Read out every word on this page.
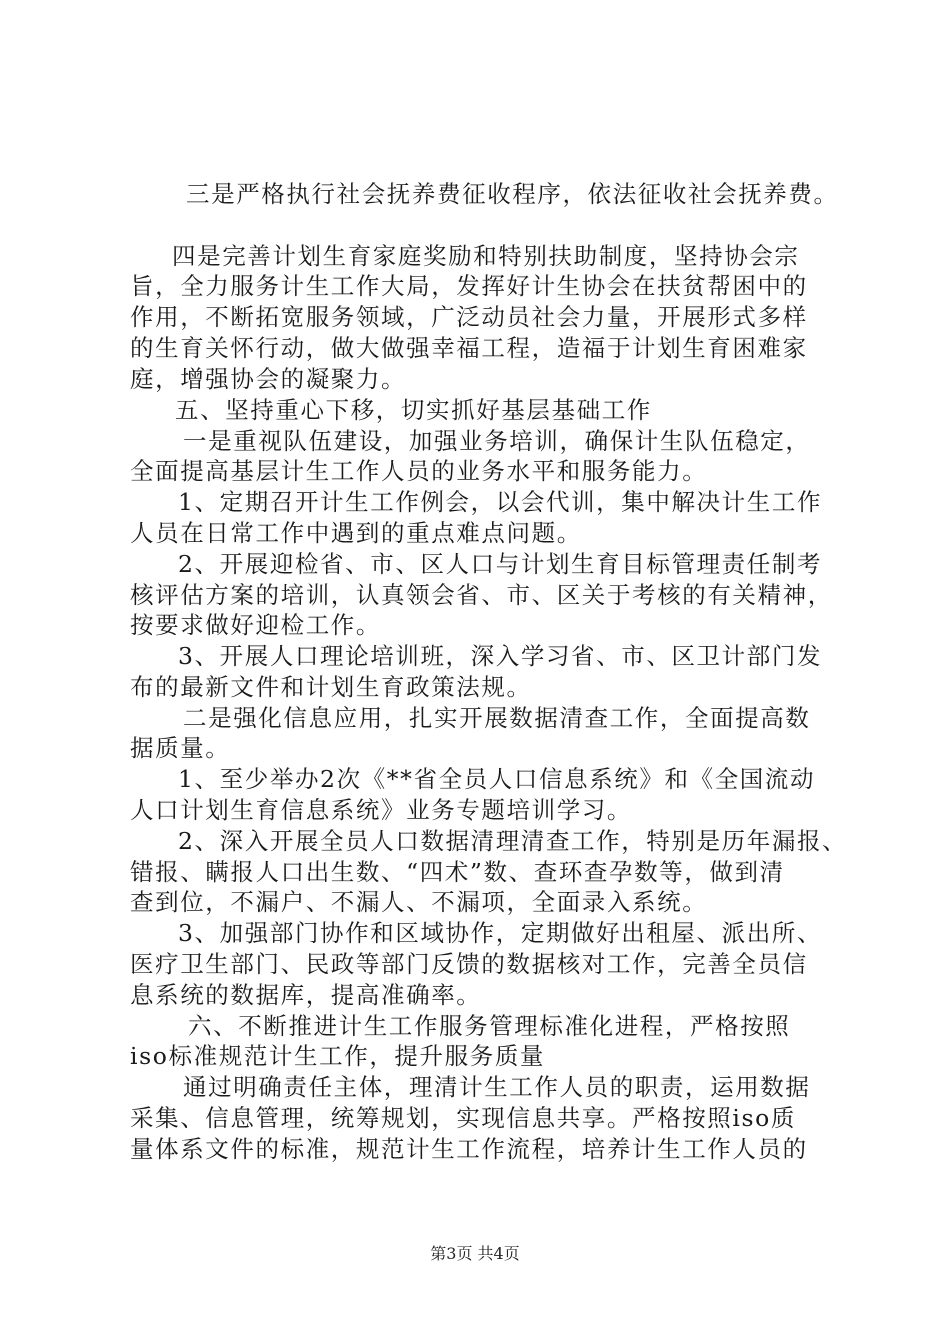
三是严格执行社会抚养费征收程序，依法征收社会抚养费。
四是完善计划生育家庭奖励和特别扶助制度，坚持协会宗
旨，全力服务计生工作大局，发挥好计生协会在扶贫帮困中的
作用，不断拓宽服务领域，广泛动员社会力量，开展形式多样
的生育关怀行动，做大做强幸福工程，造福于计划生育困难家
庭，增强协会的凝聚力。
五、坚持重心下移，切实抓好基层基础工作
一是重视队伍建设，加强业务培训，确保计生队伍稳定，
全面提高基层计生工作人员的业务水平和服务能力。
1、定期召开计生工作例会，以会代训，集中解决计生工作
人员在日常工作中遇到的重点难点问题。
2、开展迎检省、市、区人口与计划生育目标管理责任制考
核评估方案的培训，认真领会省、市、区关于考核的有关精神，
按要求做好迎检工作。
3、开展人口理论培训班，深入学习省、市、区卫计部门发
布的最新文件和计划生育政策法规。
二是强化信息应用，扎实开展数据清查工作，全面提高数
据质量。
1、至少举办2次《**省全员人口信息系统》和《全国流动
人口计划生育信息系统》业务专题培训学习。
2、深入开展全员人口数据清理清查工作，特别是历年漏报、
错报、瞒报人口出生数、“四术”数、查环查孕数等，做到清
查到位，不漏户、不漏人、不漏项，全面录入系统。
3、加强部门协作和区域协作，定期做好出租屋、派出所、
医疗卫生部门、民政等部门反馈的数据核对工作，完善全员信
息系统的数据库，提高准确率。
六、不断推进计生工作服务管理标准化进程，严格按照
iso标准规范计生工作，提升服务质量
通过明确责任主体，理清计生工作人员的职责，运用数据
采集、信息管理，统筹规划，实现信息共享。严格按照iso质
量体系文件的标准，规范计生工作流程，培养计生工作人员的
第3页 共4页
